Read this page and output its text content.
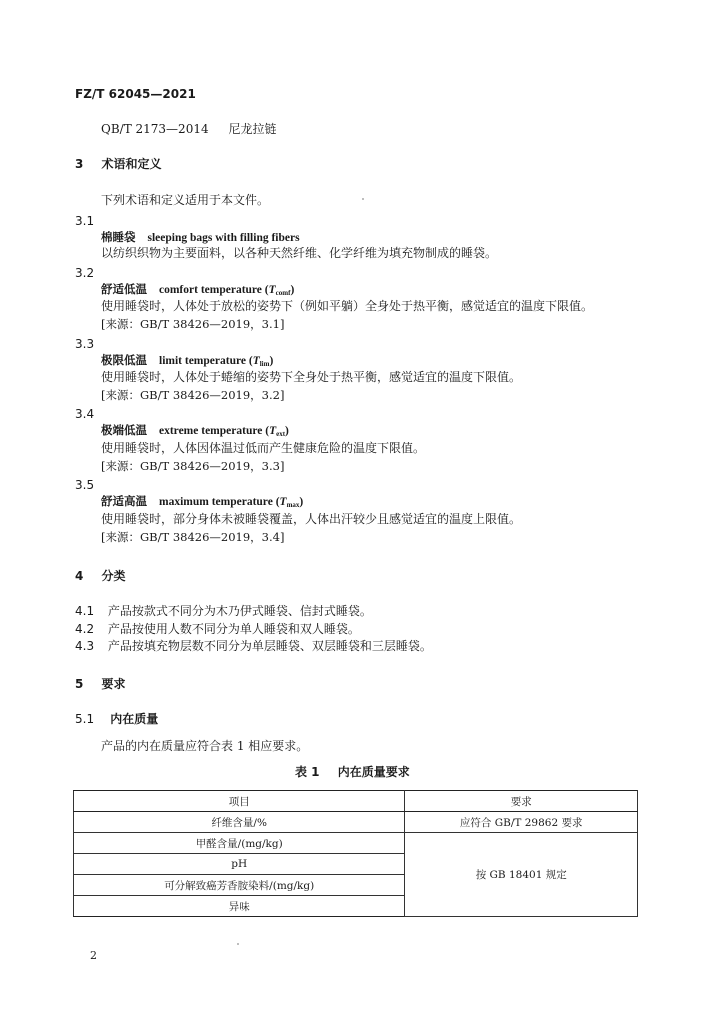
FZ/T 62045—2021
QB/T 2173—2014 尼龙拉链
3 术语和定义
下列术语和定义适用于本文件。
3.1
棉睡袋 sleeping bags with filling fibers
以纺织织物为主要面料，以各种天然纤维、化学纤维为填充物制成的睡袋。
3.2
舒适低温 comfort temperature $(T_{comf})$
使用睡袋时，人体处于放松的姿势下（例如平躺）全身处于热平衡，感觉适宜的温度下限值。
[来源：GB/T 38426—2019，3.1]
3.3
极限低温 limit temperature $(T_{lim})$
使用睡袋时，人体处于蜷缩的姿势下全身处于热平衡，感觉适宜的温度下限值。
[来源：GB/T 38426—2019，3.2]
3.4
极端低温 extreme temperature $(T_{ext})$
使用睡袋时，人体因体温过低而产生健康危险的温度下限值。
[来源：GB/T 38426—2019，3.3]
3.5
舒适高温 maximum temperature $(T_{max})$
使用睡袋时，部分身体未被睡袋覆盖，人体出汗较少且感觉适宜的温度上限值。
[来源：GB/T 38426—2019，3.4]
4 分类
4.1 产品按款式不同分为木乃伊式睡袋、信封式睡袋。
4.2 产品按使用人数不同分为单人睡袋和双人睡袋。
4.3 产品按填充物层数不同分为单层睡袋、双层睡袋和三层睡袋。
5 要求
5.1 内在质量
产品的内在质量应符合表 1 相应要求。
表 1 内在质量要求
项目	要求
纤维含量/%	应符合 GB/T 29862 要求
甲醛含量/(mg/kg)	按 GB 18401 规定
pH	
可分解致癌芳香胺染料/(mg/kg)	
异味	
2
